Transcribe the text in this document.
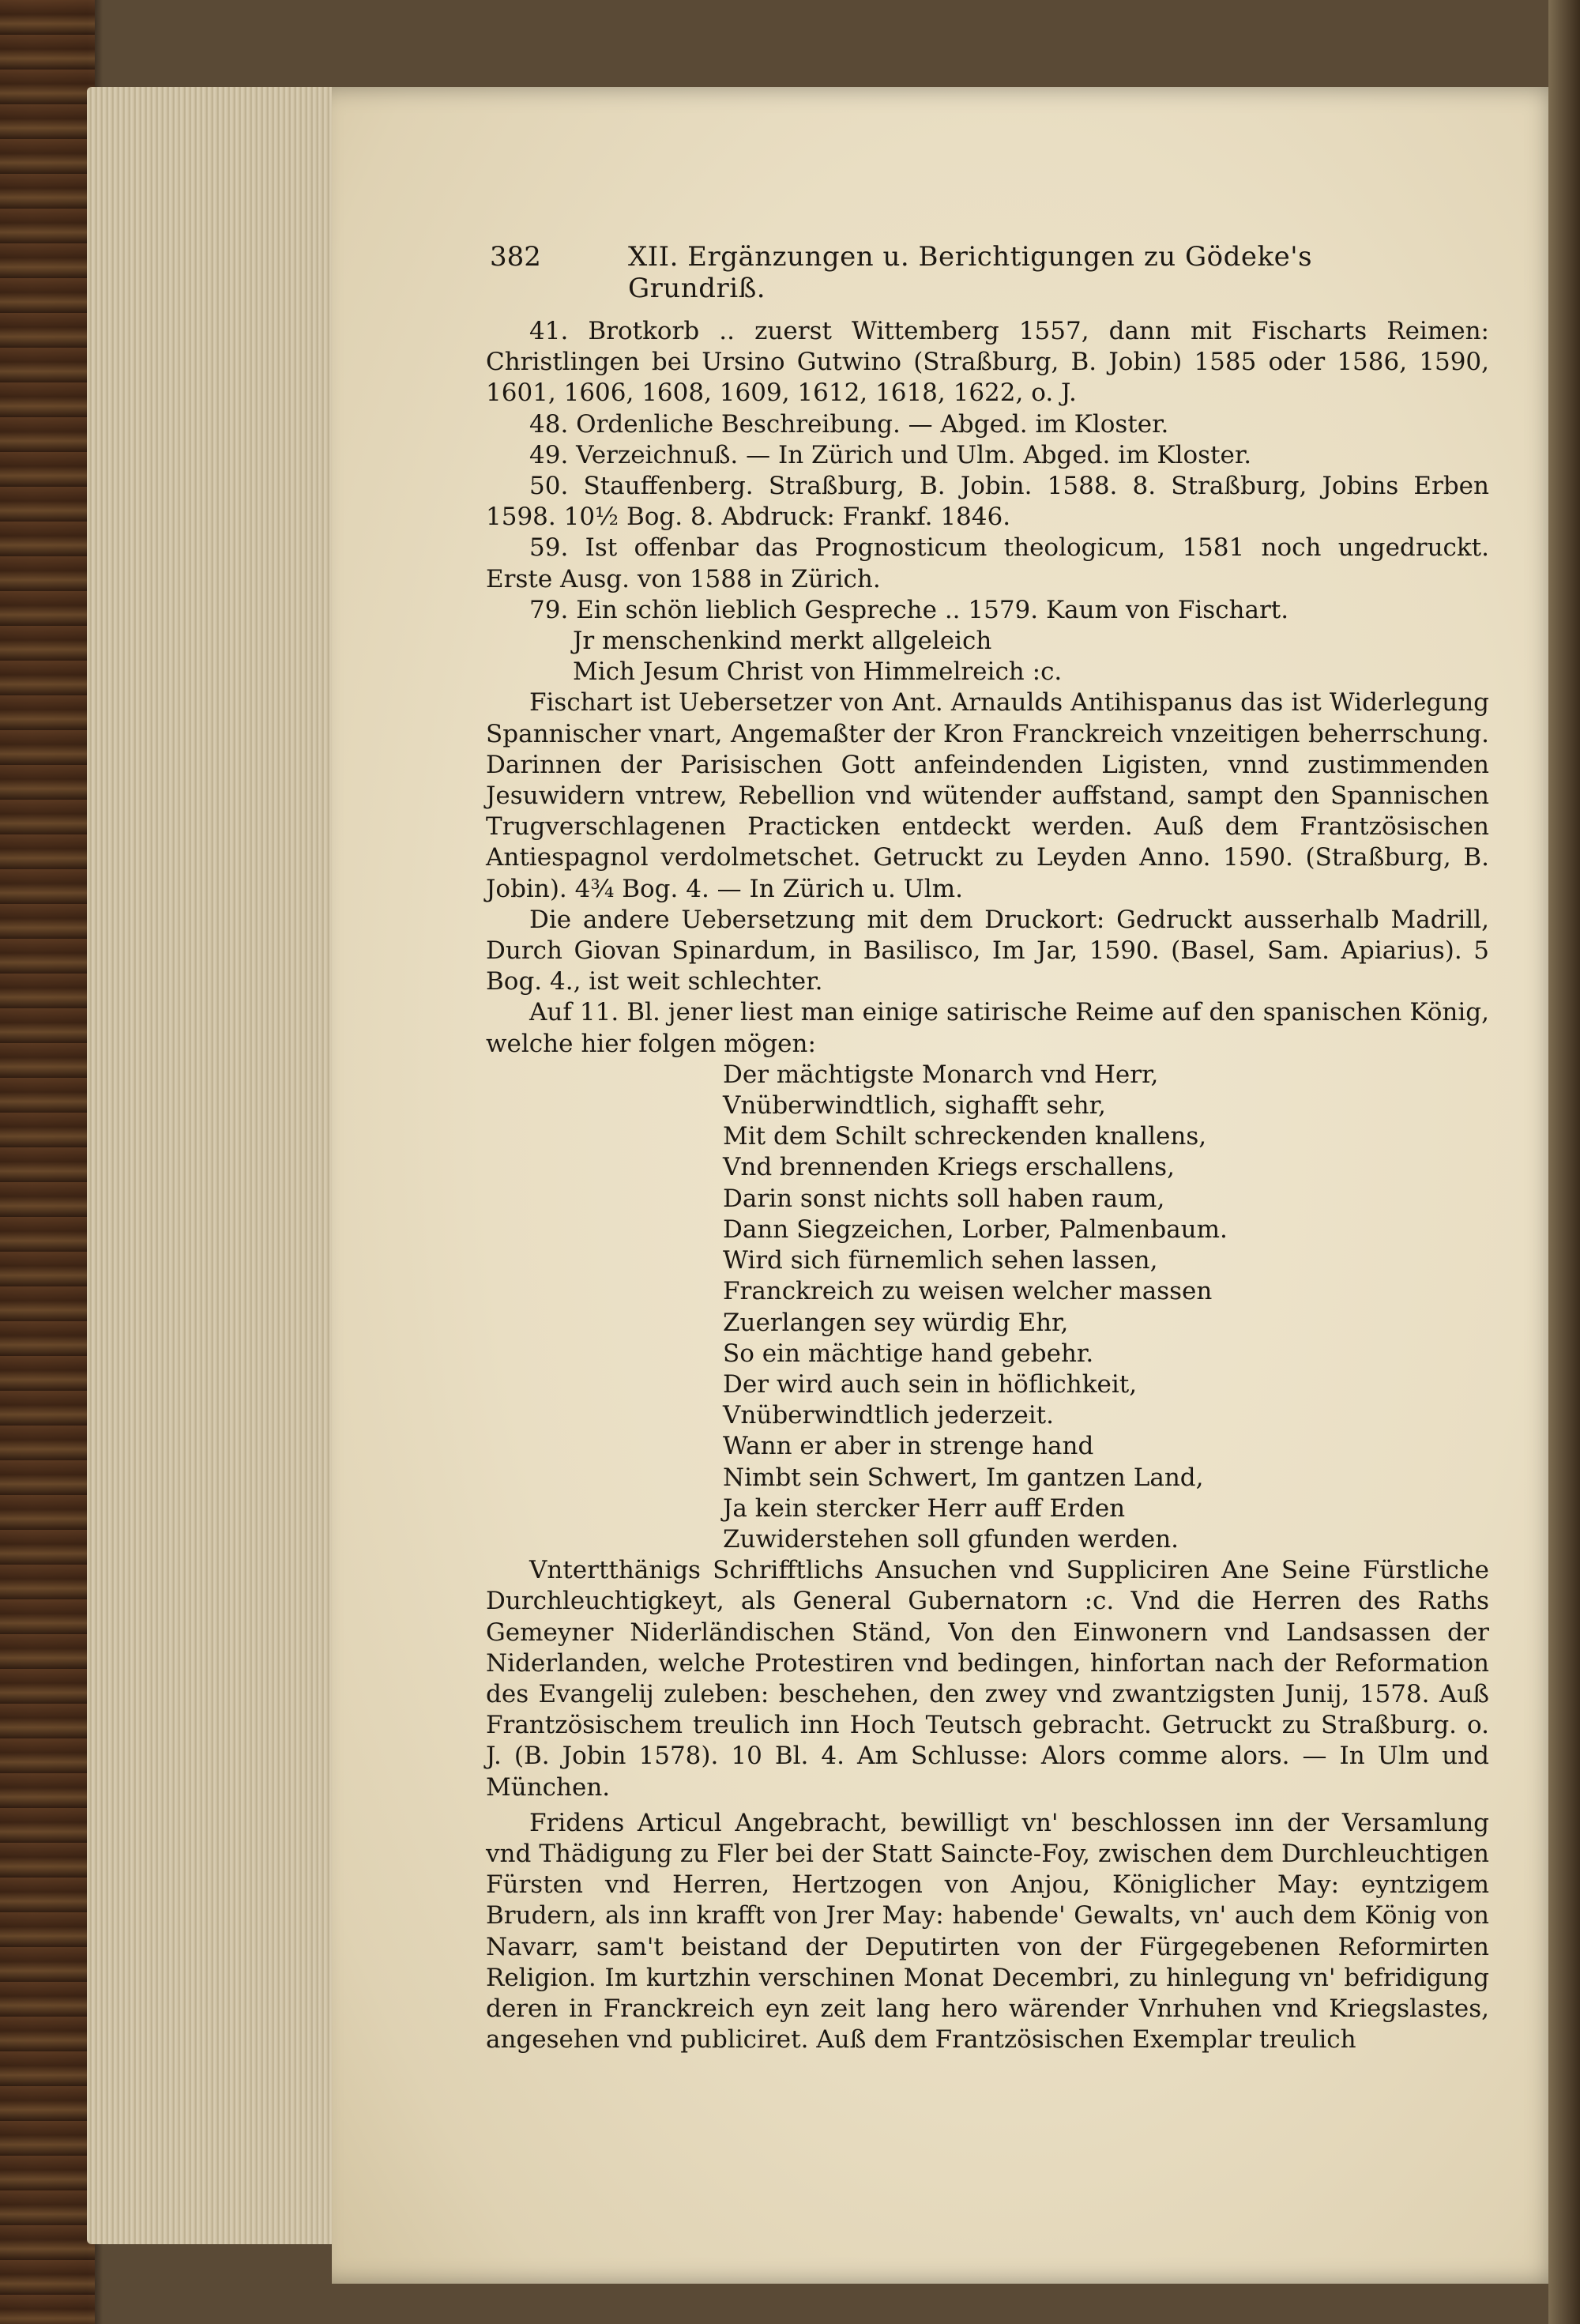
382	XII. Ergänzungen u. Berichtigungen zu Gödeke's Grundriß.

41. Brotkorb .. zuerst Wittemberg 1557, dann mit Fischarts Reimen: Christlingen bei Ursino Gutwino (Straßburg, B. Jobin) 1585 oder 1586, 1590, 1601, 1606, 1608, 1609, 1612, 1618, 1622, o. J.

48. Ordenliche Beschreibung. — Abged. im Kloster.

49. Verzeichnuß. — In Zürich und Ulm. Abged. im Kloster.

50. Stauffenberg. Straßburg, B. Jobin. 1588. 8. Straßburg, Jobins Erben 1598. 10½ Bog. 8. Abdruck: Frankf. 1846.

59. Ist offenbar das Prognosticum theologicum, 1581 noch ungedruckt. Erste Ausg. von 1588 in Zürich.

79. Ein schön lieblich Gespreche .. 1579. Kaum von Fischart.

Jr menschenkind merkt allgeleich
Mich Jesum Christ von Himmelreich :c.

Fischart ist Uebersetzer von Ant. Arnaulds Antihispanus das ist Widerlegung Spannischer vnart, Angemaßter der Kron Franckreich vnzeitigen beherrschung. Darinnen der Parisischen Gott anfeindenden Ligisten, vnnd zustimmenden Jesuwidern vntrew, Rebellion vnd wütender auffstand, sampt den Spannischen Trugverschlagenen Practicken entdeckt werden. Auß dem Frantzösischen Antiespagnol verdolmetschet. Getruckt zu Leyden Anno. 1590. (Straßburg, B. Jobin). 4¾ Bog. 4. — In Zürich u. Ulm.

Die andere Uebersetzung mit dem Druckort: Gedruckt ausserhalb Madrill, Durch Giovan Spinardum, in Basilisco, Im Jar, 1590. (Basel, Sam. Apiarius). 5 Bog. 4., ist weit schlechter.

Auf 11. Bl. jener liest man einige satirische Reime auf den spanischen König, welche hier folgen mögen:

Der mächtigste Monarch vnd Herr,
Vnüberwindtlich, sighafft sehr,
Mit dem Schilt schreckenden knallens,
Vnd brennenden Kriegs erschallens,
Darin sonst nichts soll haben raum,
Dann Siegzeichen, Lorber, Palmenbaum.
Wird sich fürnemlich sehen lassen,
Franckreich zu weisen welcher massen
Zuerlangen sey würdig Ehr,
So ein mächtige hand gebehr.
Der wird auch sein in höflichkeit,
Vnüberwindtlich jederzeit.
Wann er aber in strenge hand
Nimbt sein Schwert, Im gantzen Land,
Ja kein stercker Herr auff Erden
Zuwiderstehen soll gfunden werden.

Vntertthänigs Schrifftlichs Ansuchen vnd Suppliciren Ane Seine Fürstliche Durchleuchtigkeyt, als General Gubernatorn :c. Vnd die Herren des Raths Gemeyner Niderländischen Ständ, Von den Einwonern vnd Landsassen der Niderlanden, welche Protestiren vnd bedingen, hinfortan nach der Reformation des Evangelij zuleben: beschehen, den zwey vnd zwantzigsten Junij, 1578. Auß Frantzösischem treulich inn Hoch Teutsch gebracht. Getruckt zu Straßburg. o. J. (B. Jobin 1578). 10 Bl. 4. Am Schlusse: Alors comme alors. — In Ulm und München.

Fridens Articul Angebracht, bewilligt vn' beschlossen inn der Versamlung vnd Thädigung zu Fler bei der Statt Saincte-Foy, zwischen dem Durchleuchtigen Fürsten vnd Herren, Hertzogen von Anjou, Königlicher May: eyntzigem Brudern, als inn krafft von Jrer May: habende' Gewalts, vn' auch dem König von Navarr, sam't beistand der Deputirten von der Fürgegebenen Reformirten Religion. Im kurtzhin verschinen Monat Decembri, zu hinlegung vn' befridigung deren in Franckreich eyn zeit lang hero wärender Vnrhuhen vnd Kriegslastes, angesehen vnd publiciret. Auß dem Frantzösischen Exemplar treulich
